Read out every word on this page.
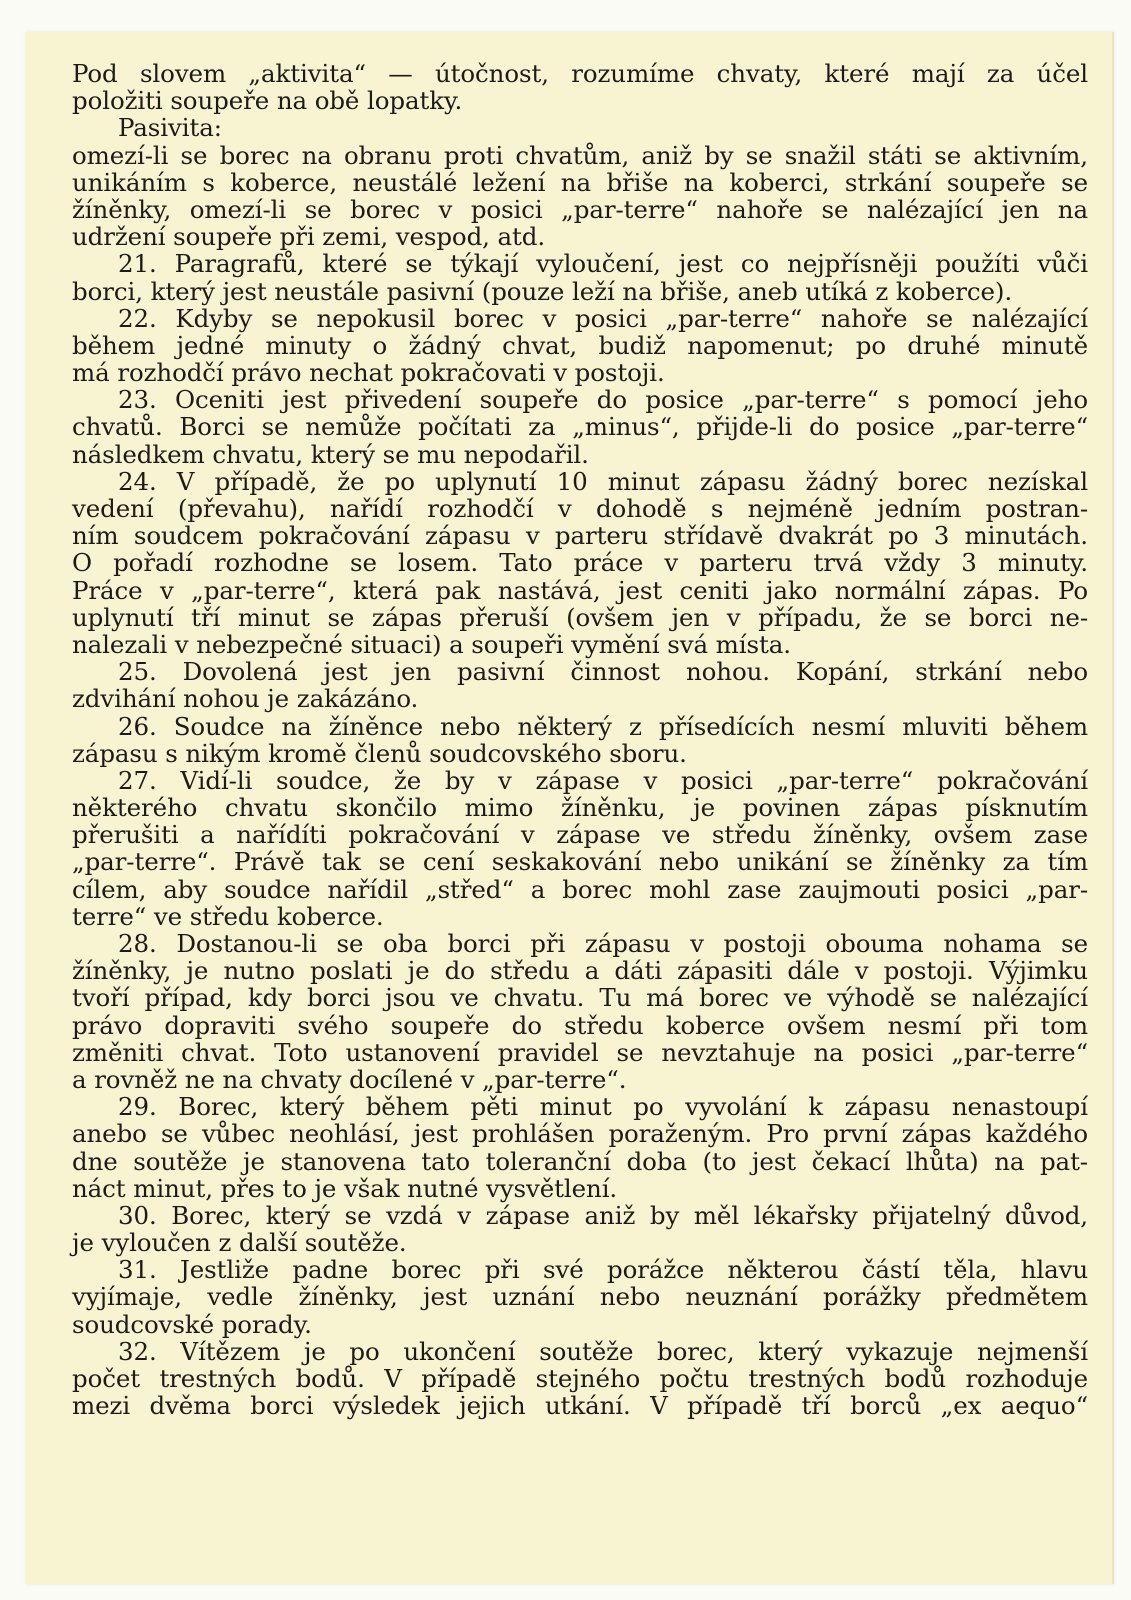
Pod slovem „aktivita“ — útočnost, rozumíme chvaty, které mají za účel
položiti soupeře na obě lopatky.
Pasivita:
omezí-li se borec na obranu proti chvatům, aniž by se snažil státi se aktivním,
unikáním s koberce, neustálé ležení na břiše na koberci, strkání soupeře se
žíněnky, omezí-li se borec v posici „par-terre“ nahoře se nalézající jen na
udržení soupeře při zemi, vespod, atd.
21. Paragrafů, které se týkají vyloučení, jest co nejpřísněji použíti vůči
borci, který jest neustále pasivní (pouze leží na břiše, aneb utíká z koberce).
22. Kdyby se nepokusil borec v posici „par-terre“ nahoře se nalézající
během jedné minuty o žádný chvat, budiž napomenut; po druhé minutě
má rozhodčí právo nechat pokračovati v postoji.
23. Oceniti jest přivedení soupeře do posice „par-terre“ s pomocí jeho
chvatů. Borci se nemůže počítati za „minus“, přijde-li do posice „par-terre“
následkem chvatu, který se mu nepodařil.
24. V případě, že po uplynutí 10 minut zápasu žádný borec nezískal
vedení (převahu), nařídí rozhodčí v dohodě s nejméně jedním postran-
ním soudcem pokračování zápasu v parteru střídavě dvakrát po 3 minutách.
O pořadí rozhodne se losem. Tato práce v parteru trvá vždy 3 minuty.
Práce v „par-terre“, která pak nastává, jest ceniti jako normální zápas. Po
uplynutí tří minut se zápas přeruší (ovšem jen v případu, že se borci ne-
nalezali v nebezpečné situaci) a soupeři vymění svá místa.
25. Dovolená jest jen pasivní činnost nohou. Kopání, strkání nebo
zdvihání nohou je zakázáno.
26. Soudce na žíněnce nebo některý z přísedících nesmí mluviti během
zápasu s nikým kromě členů soudcovského sboru.
27. Vidí-li soudce, že by v zápase v posici „par-terre“ pokračování
některého chvatu skončilo mimo žíněnku, je povinen zápas písknutím
přerušiti a nařídíti pokračování v zápase ve středu žíněnky, ovšem zase
„par-terre“. Právě tak se cení seskakování nebo unikání se žíněnky za tím
cílem, aby soudce nařídil „střed“ a borec mohl zase zaujmouti posici „par-
terre“ ve středu koberce.
28. Dostanou-li se oba borci při zápasu v postoji obouma nohama se
žíněnky, je nutno poslati je do středu a dáti zápasiti dále v postoji. Výjimku
tvoří případ, kdy borci jsou ve chvatu. Tu má borec ve výhodě se nalézající
právo dopraviti svého soupeře do středu koberce ovšem nesmí při tom
změniti chvat. Toto ustanovení pravidel se nevztahuje na posici „par-terre“
a rovněž ne na chvaty docílené v „par-terre“.
29. Borec, který během pěti minut po vyvolání k zápasu nenastoupí
anebo se vůbec neohlásí, jest prohlášen poraženým. Pro první zápas každého
dne soutěže je stanovena tato toleranční doba (to jest čekací lhůta) na pat-
náct minut, přes to je však nutné vysvětlení.
30. Borec, který se vzdá v zápase aniž by měl lékařsky přijatelný důvod,
je vyloučen z další soutěže.
31. Jestliže padne borec při své porážce některou částí těla, hlavu
vyjímaje, vedle žíněnky, jest uznání nebo neuznání porážky předmětem
soudcovské porady.
32. Vítězem je po ukončení soutěže borec, který vykazuje nejmenší
počet trestných bodů. V případě stejného počtu trestných bodů rozhoduje
mezi dvěma borci výsledek jejich utkání. V případě tří borců „ex aequo“
